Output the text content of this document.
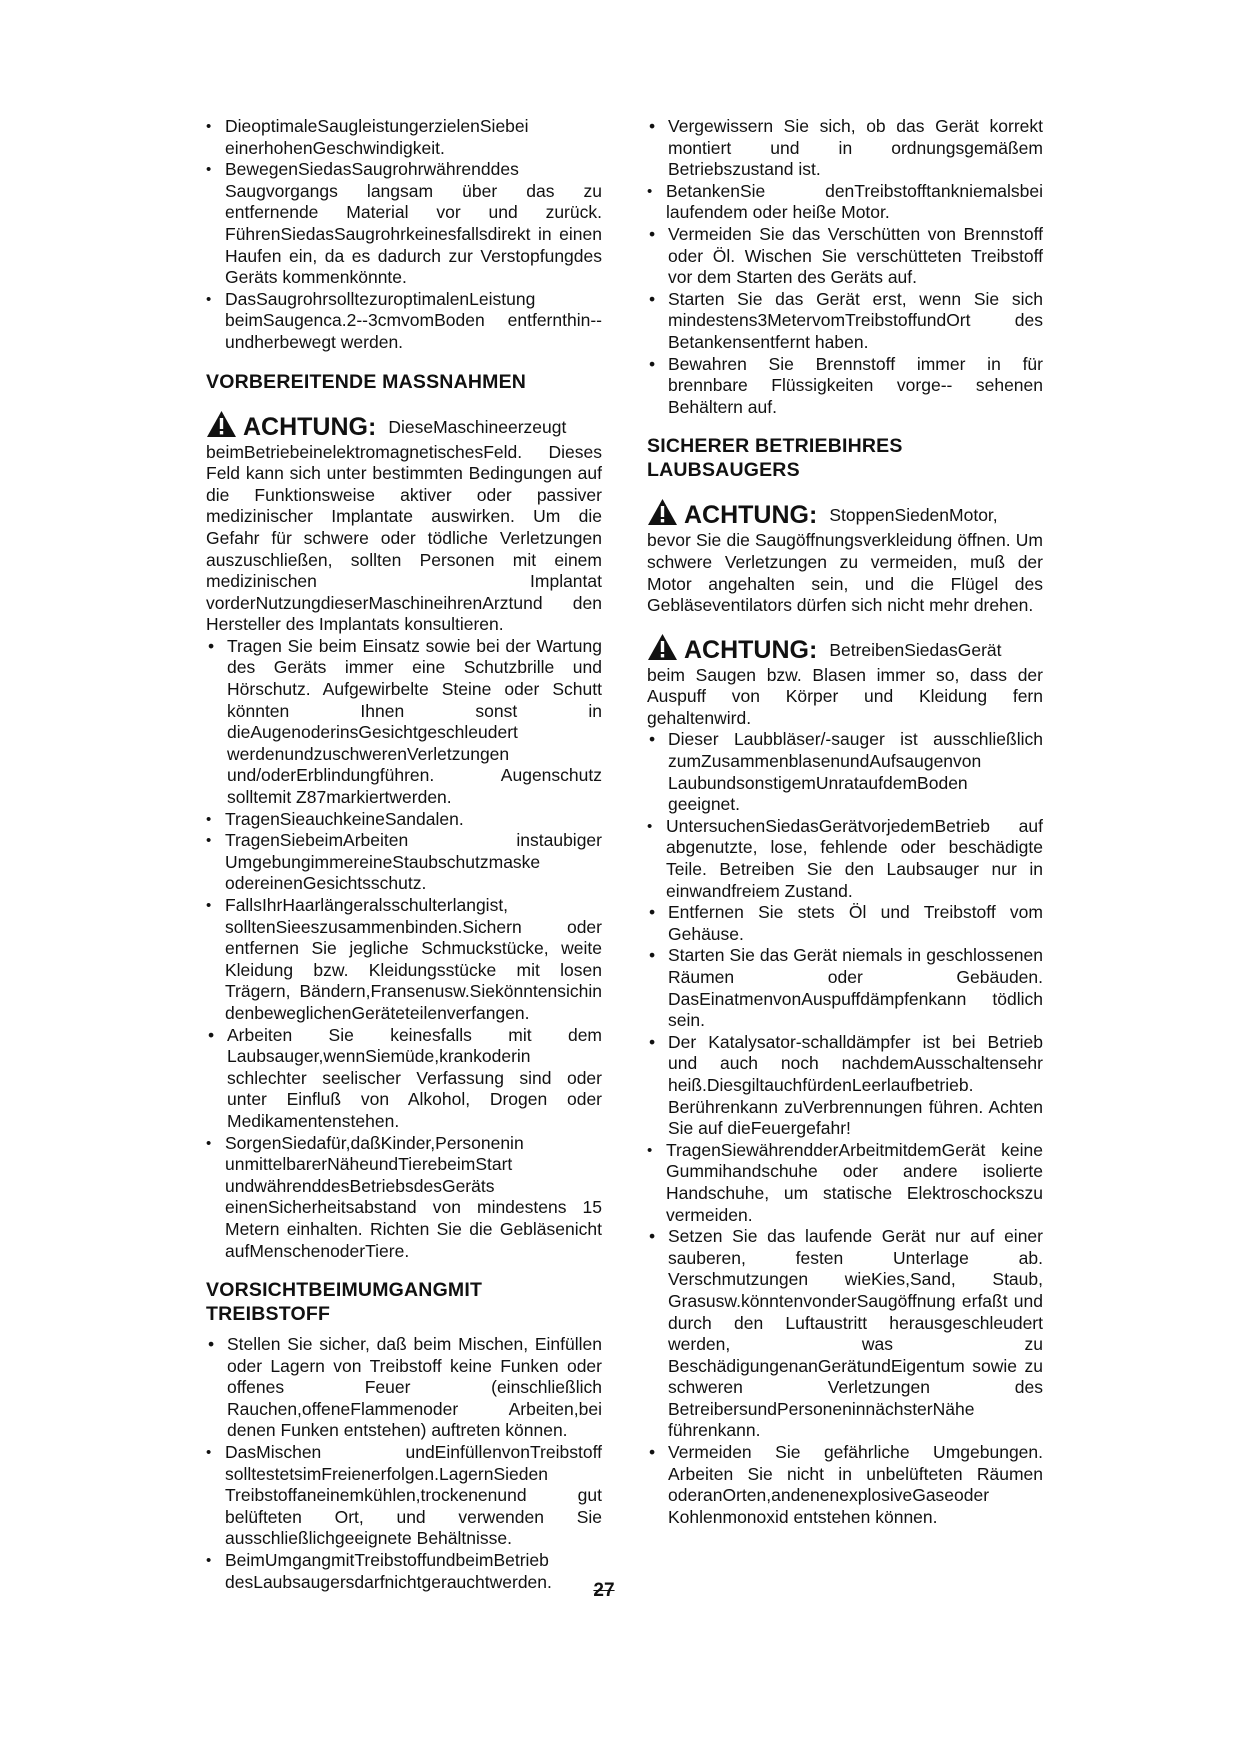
• DieoptimaleSaugleistungerzielenSiebei einerhohenGeschwindigkeit.
• BewegenSiedasSaugrohrwährenddes Saugvorgangs langsam über das zu entfernende Material vor und zurück. FührenSiedasSaugrohrkeinesfallsdirekt in einen Haufen ein, da es dadurch zur Verstopfungdes Geräts kommenkönnte.
• DasSaugrohrsolltezuroptimalenLeistung beimSaugenca.2--3cmvomBoden entfernthin--undherbewegt werden.
VORBEREITENDE MASSNAHMEN
ACHTUNG: DieseMaschineerzeugt
beimBetriebeinelektromagnetischesFeld. Dieses Feld kann sich unter bestimmten Bedingungen auf die Funktionsweise aktiver oder passiver medizinischer Implantate auswirken. Um die Gefahr für schwere oder tödliche Verletzungen auszuschließen, sollten Personen mit einem medizinischen Implantat vorderNutzungdieserMaschineihrenArztund den Hersteller des Implantats konsultieren.
• Tragen Sie beim Einsatz sowie bei der Wartung des Geräts immer eine Schutzbrille und Hörschutz. Aufgewirbelte Steine oder Schutt könnten Ihnen sonst in dieAugenoderinsGesichtgeschleudert werdenundzuschwerenVerletzungen und/oderErblindungführen. Augenschutz solltemit Z87markiertwerden.
• TragenSieauchkeineSandalen.
• TragenSiebeimArbeiten instaubiger UmgebungimmereineStaubschutzmaske odereinenGesichtsschutz.
• FallsIhrHaarlängeralsschulterlangist, solltenSieeszusammenbinden.Sichern oder entfernen Sie jegliche Schmuckstücke, weite Kleidung bzw. Kleidungsstücke mit losen Trägern, Bändern,Fransenusw.Siekönntensichin denbeweglichenGeräteteilenverfangen.
• Arbeiten Sie keinesfalls mit dem Laubsauger,wennSiemüde,krankoderin schlechter seelischer Verfassung sind oder unter Einfluß von Alkohol, Drogen oder Medikamentenstehen.
• SorgenSiedafür,daßKinder,Personenin unmittelbarerNäheundTierebeimStart undwährenddesBetriebsdesGeräts einenSicherheitsabstand von mindestens 15 Metern einhalten. Richten Sie die Gebläsenicht aufMenschenoderTiere.
VORSICHTBEIMUMGANGMIT TREIBSTOFF
• Stellen Sie sicher, daß beim Mischen, Einfüllen oder Lagern von Treibstoff keine Funken oder offenes Feuer (einschließlich Rauchen,offeneFlammenoder Arbeiten,bei denen Funken entstehen) auftreten können.
• DasMischen undEinfüllenvonTreibstoff solltestetsimFreienerfolgen.LagernSieden Treibstoffaneinemkühlen,trockenenund gut belüfteten Ort, und verwenden Sie ausschließlichgeeignete Behältnisse.
• BeimUmgangmitTreibstoffundbeimBetrieb desLaubsaugersdarfnichtgerauchtwerden.
• Vergewissern Sie sich, ob das Gerät korrekt montiert und in ordnungsgemäßem Betriebszustand ist.
• BetankenSie denTreibstofftankniemalsbei laufendem oder heiße Motor.
• Vermeiden Sie das Verschütten von Brennstoff oder Öl. Wischen Sie verschütteten Treibstoff vor dem Starten des Geräts auf.
• Starten Sie das Gerät erst, wenn Sie sich mindestens3MetervomTreibstoffundOrt des Betankensentfernt haben.
• Bewahren Sie Brennstoff immer in für brennbare Flüssigkeiten vorge-- sehenen Behältern auf.
SICHERER BETRIEBIHRES LAUBSAUGERS
ACHTUNG: StoppenSiedenMotor,
bevor Sie die Saugöffnungsverkleidung öffnen. Um schwere Verletzungen zu vermeiden, muß der Motor angehalten sein, und die Flügel des Gebläseventilators dürfen sich nicht mehr drehen.
ACHTUNG: BetreibenSiedasGerät
beim Saugen bzw. Blasen immer so, dass der Auspuff von Körper und Kleidung fern gehaltenwird.
• Dieser Laubbläser/-sauger ist ausschließlich zumZusammenblasenundAufsaugenvon LaubundsonstigemUnrataufdemBoden geeignet.
• UntersuchenSiedasGerätvorjedemBetrieb auf abgenutzte, lose, fehlende oder beschädigte Teile. Betreiben Sie den Laubsauger nur in einwandfreiem Zustand.
• Entfernen Sie stets Öl und Treibstoff vom Gehäuse.
• Starten Sie das Gerät niemals in geschlossenen Räumen oder Gebäuden. DasEinatmenvonAuspuffdämpfenkann tödlich sein.
• Der Katalysator-schalldämpfer ist bei Betrieb und auch noch nachdemAusschaltensehr heiß.DiesgiltauchfürdenLeerlaufbetrieb. Berührenkann zuVerbrennungen führen. Achten Sie auf dieFeuergefahr!
• TragenSiewährendderArbeitmitdemGerät keine Gummihandschuhe oder andere isolierte Handschuhe, um statische Elektroschockszu vermeiden.
• Setzen Sie das laufende Gerät nur auf einer sauberen, festen Unterlage ab. Verschmutzungen wieKies,Sand, Staub, Grasusw.könntenvonderSaugöffnung erfaßt und durch den Luftaustritt herausgeschleudert werden, was zu BeschädigungenanGerätundEigentum sowie zu schweren Verletzungen des BetreibersundPersoneninnächsterNähe führenkann.
• Vermeiden Sie gefährliche Umgebungen. Arbeiten Sie nicht in unbelüfteten Räumen oderanOrten,andenenexplosiveGaseoder Kohlenmonoxid entstehen können.
27
